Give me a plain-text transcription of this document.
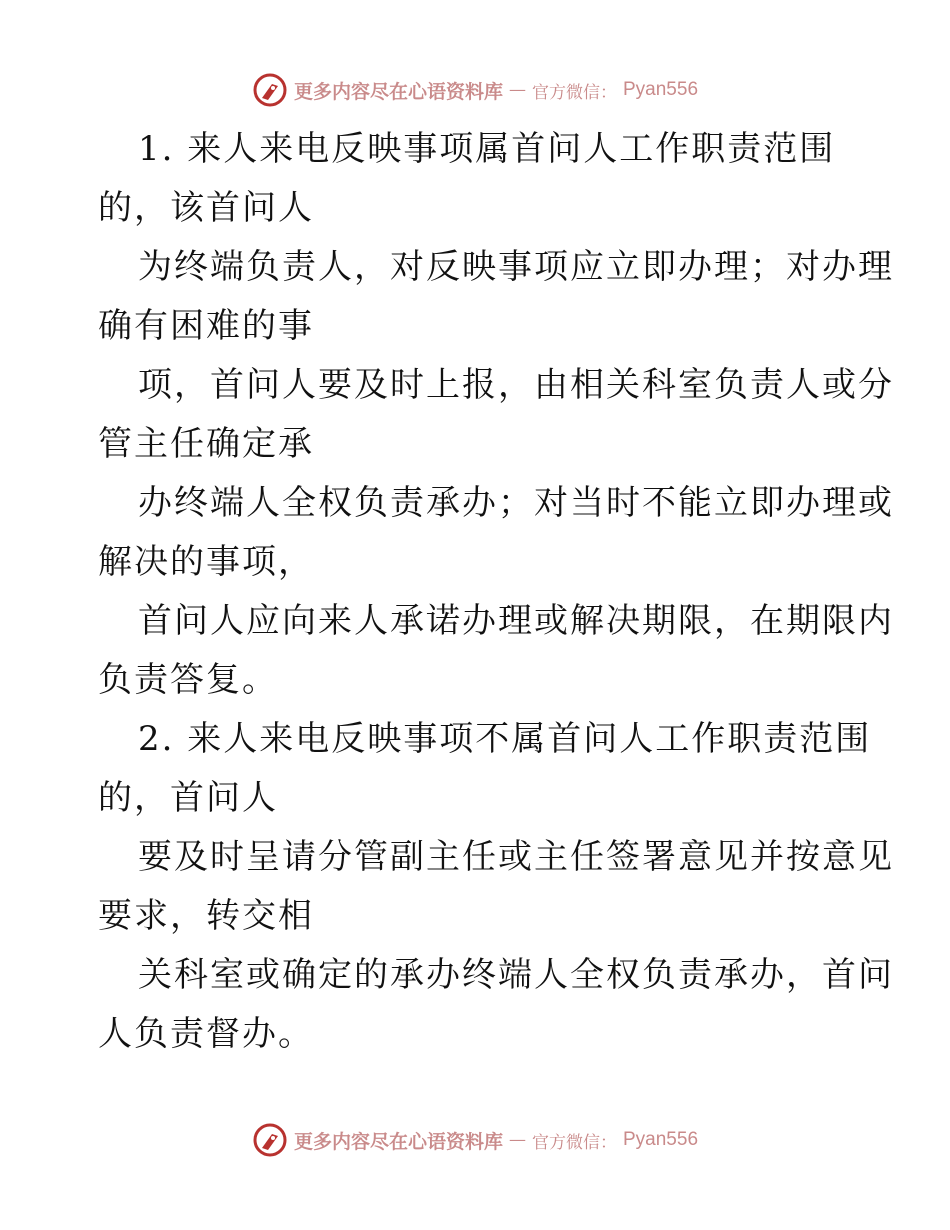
更多内容尽在心语资料库 — 官方微信： Pyan556
1. 来人来电反映事项属首问人工作职责范围
的，该首问人
为终端负责人，对反映事项应立即办理；对办理
确有困难的事
项，首问人要及时上报，由相关科室负责人或分
管主任确定承
办终端人全权负责承办；对当时不能立即办理或
解决的事项，
首问人应向来人承诺办理或解决期限，在期限内
负责答复。
2. 来人来电反映事项不属首问人工作职责范围
的，首问人
要及时呈请分管副主任或主任签署意见并按意见
要求，转交相
关科室或确定的承办终端人全权负责承办，首问
人负责督办。
更多内容尽在心语资料库 — 官方微信： Pyan556
